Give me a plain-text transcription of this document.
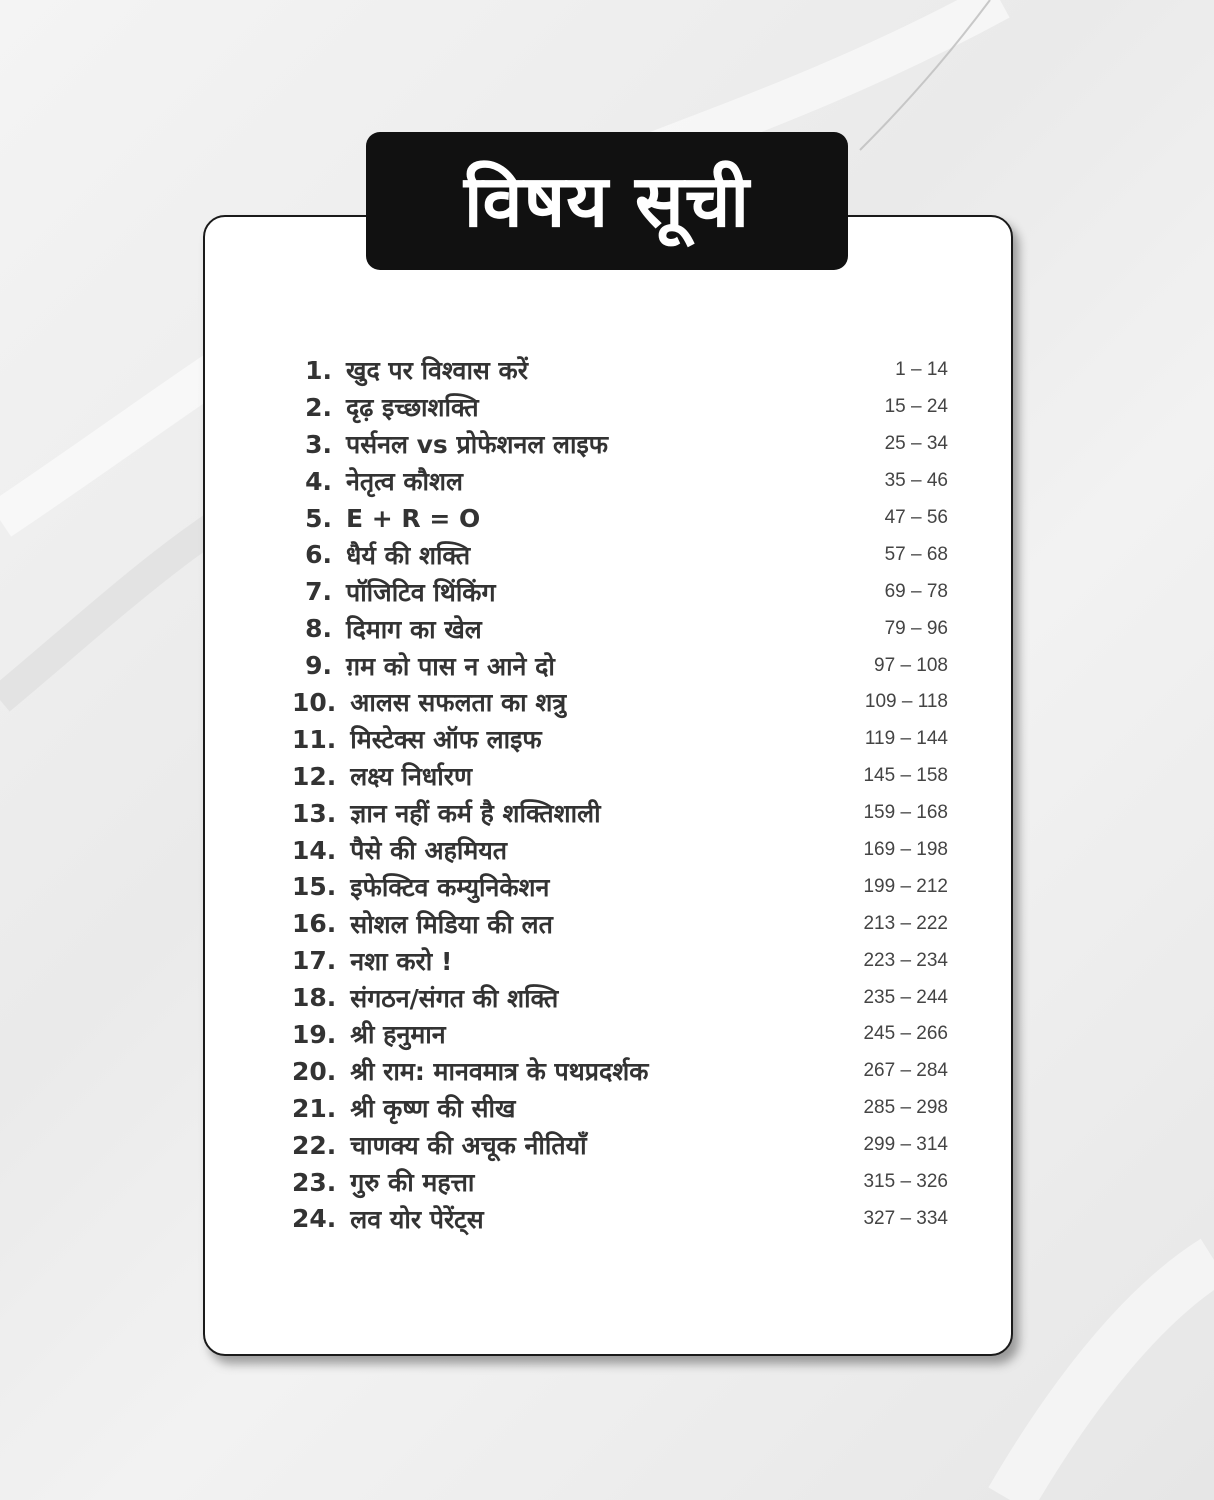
विषय सूची
1. खुद पर विश्वास करें	1 – 14
2. दृढ़ इच्छाशक्ति	15 – 24
3. पर्सनल vs प्रोफेशनल लाइफ	25 – 34
4. नेतृत्व कौशल	35 – 46
5. E + R = O	47 – 56
6. धैर्य की शक्ति	57 – 68
7. पॉजिटिव थिंकिंग	69 – 78
8. दिमाग का खेल	79 – 96
9. ग़म को पास न आने दो	97 – 108
10. आलस सफलता का शत्रु	109 – 118
11. मिस्टेक्स ऑफ लाइफ	119 – 144
12. लक्ष्य निर्धारण	145 – 158
13. ज्ञान नहीं कर्म है शक्तिशाली	159 – 168
14. पैसे की अहमियत	169 – 198
15. इफेक्टिव कम्युनिकेशन	199 – 212
16. सोशल मिडिया की लत	213 – 222
17. नशा करो !	223 – 234
18. संगठन/संगत की शक्ति	235 – 244
19. श्री हनुमान	245 – 266
20. श्री राम: मानवमात्र के पथप्रदर्शक	267 – 284
21. श्री कृष्ण की सीख	285 – 298
22. चाणक्य की अचूक नीतियाँ	299 – 314
23. गुरु की महत्ता	315 – 326
24. लव योर पेरेंट्स	327 – 334
